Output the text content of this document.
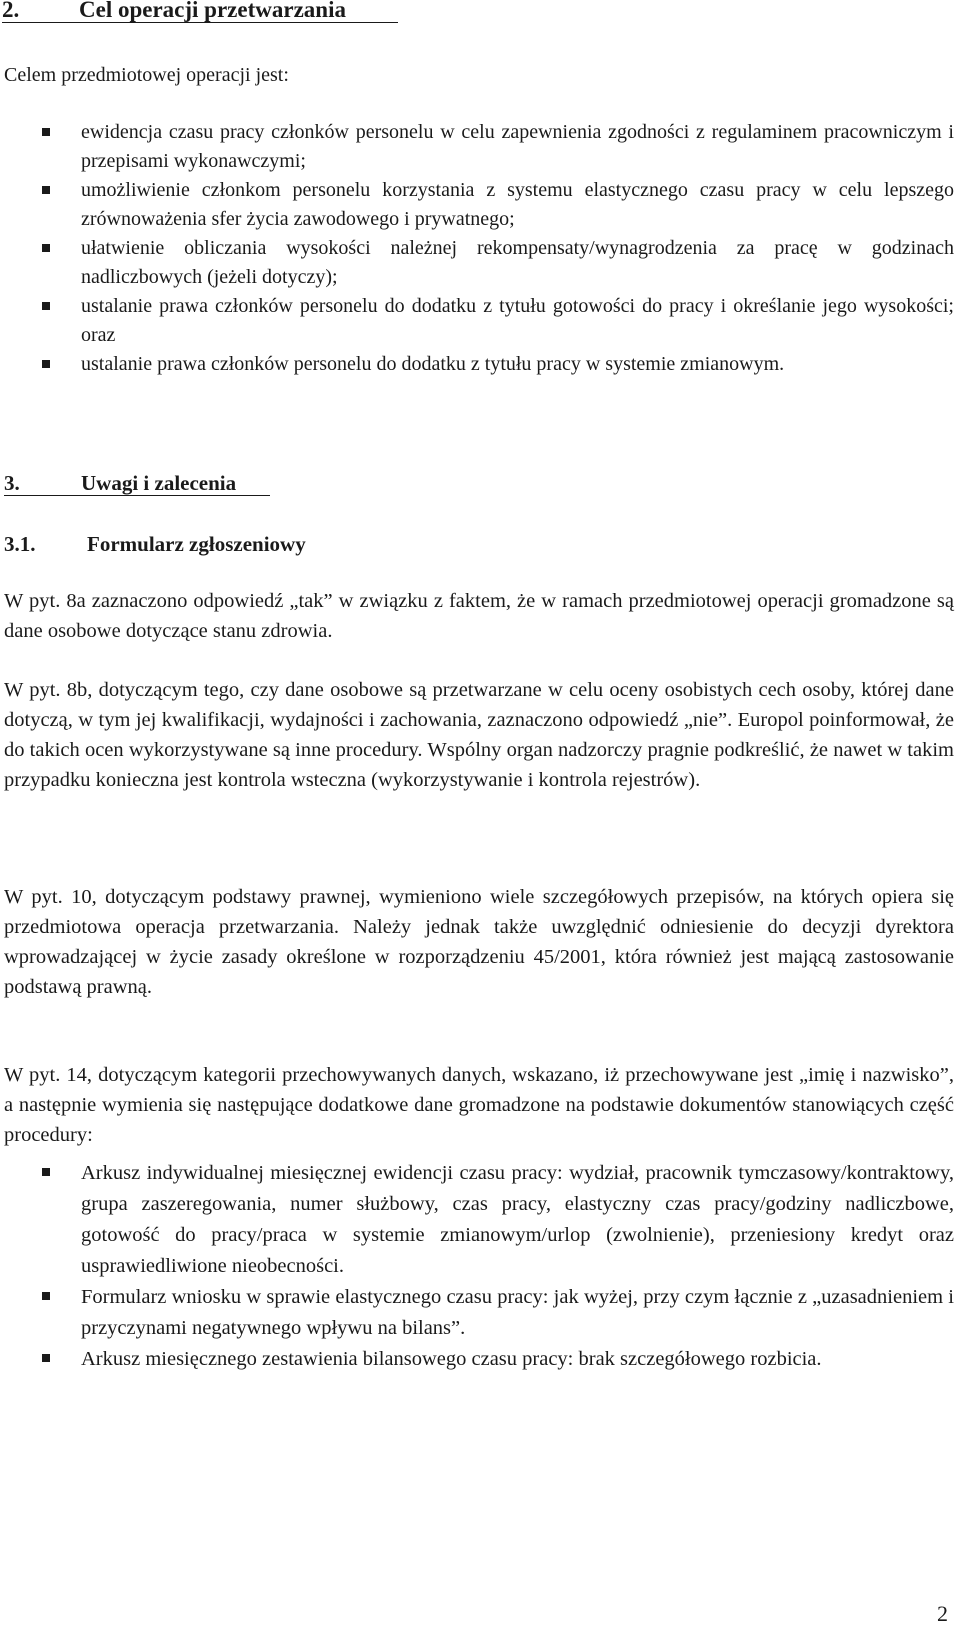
2.	Cel operacji przetwarzania
Celem przedmiotowej operacji jest:
ewidencja czasu pracy członków personelu w celu zapewnienia zgodności z regulaminem pracowniczym i przepisami wykonawczymi;
umożliwienie członkom personelu korzystania z systemu elastycznego czasu pracy w celu lepszego zrównoważenia sfer życia zawodowego i prywatnego;
ułatwienie obliczania wysokości należnej rekompensaty/wynagrodzenia za pracę w godzinach nadliczbowych (jeżeli dotyczy);
ustalanie prawa członków personelu do dodatku z tytułu gotowości do pracy i określanie jego wysokości; oraz
ustalanie prawa członków personelu do dodatku z tytułu pracy w systemie zmianowym.
3.	Uwagi i zalecenia
3.1. Formularz zgłoszeniowy
W pyt. 8a zaznaczono odpowiedź „tak” w związku z faktem, że w ramach przedmiotowej operacji gromadzone są dane osobowe dotyczące stanu zdrowia.
W pyt. 8b, dotyczącym tego, czy dane osobowe są przetwarzane w celu oceny osobistych cech osoby, której dane dotyczą, w tym jej kwalifikacji, wydajności i zachowania, zaznaczono odpowiedź „nie”. Europol poinformował, że do takich ocen wykorzystywane są inne procedury. Wspólny organ nadzorczy pragnie podkreślić, że nawet w takim przypadku konieczna jest kontrola wsteczna (wykorzystywanie i kontrola rejestrów).
W pyt. 10, dotyczącym podstawy prawnej, wymieniono wiele szczegółowych przepisów, na których opiera się przedmiotowa operacja przetwarzania. Należy jednak także uwzględnić odniesienie do decyzji dyrektora wprowadzającej w życie zasady określone w rozporządzeniu 45/2001, która również jest mającą zastosowanie podstawą prawną.
W pyt. 14, dotyczącym kategorii przechowywanych danych, wskazano, iż przechowywane jest „imię i nazwisko”, a następnie wymienia się następujące dodatkowe dane gromadzone na podstawie dokumentów stanowiących część procedury:
Arkusz indywidualnej miesięcznej ewidencji czasu pracy: wydział, pracownik tymczasowy/kontraktowy, grupa zaszeregowania, numer służbowy, czas pracy, elastyczny czas pracy/godziny nadliczbowe, gotowość do pracy/praca w systemie zmianowym/urlop (zwolnienie), przeniesiony kredyt oraz usprawiedliwione nieobecności.
Formularz wniosku w sprawie elastycznego czasu pracy: jak wyżej, przy czym łącznie z „uzasadnieniem i przyczynami negatywnego wpływu na bilans”.
Arkusz miesięcznego zestawienia bilansowego czasu pracy: brak szczegółowego rozbicia.
2
